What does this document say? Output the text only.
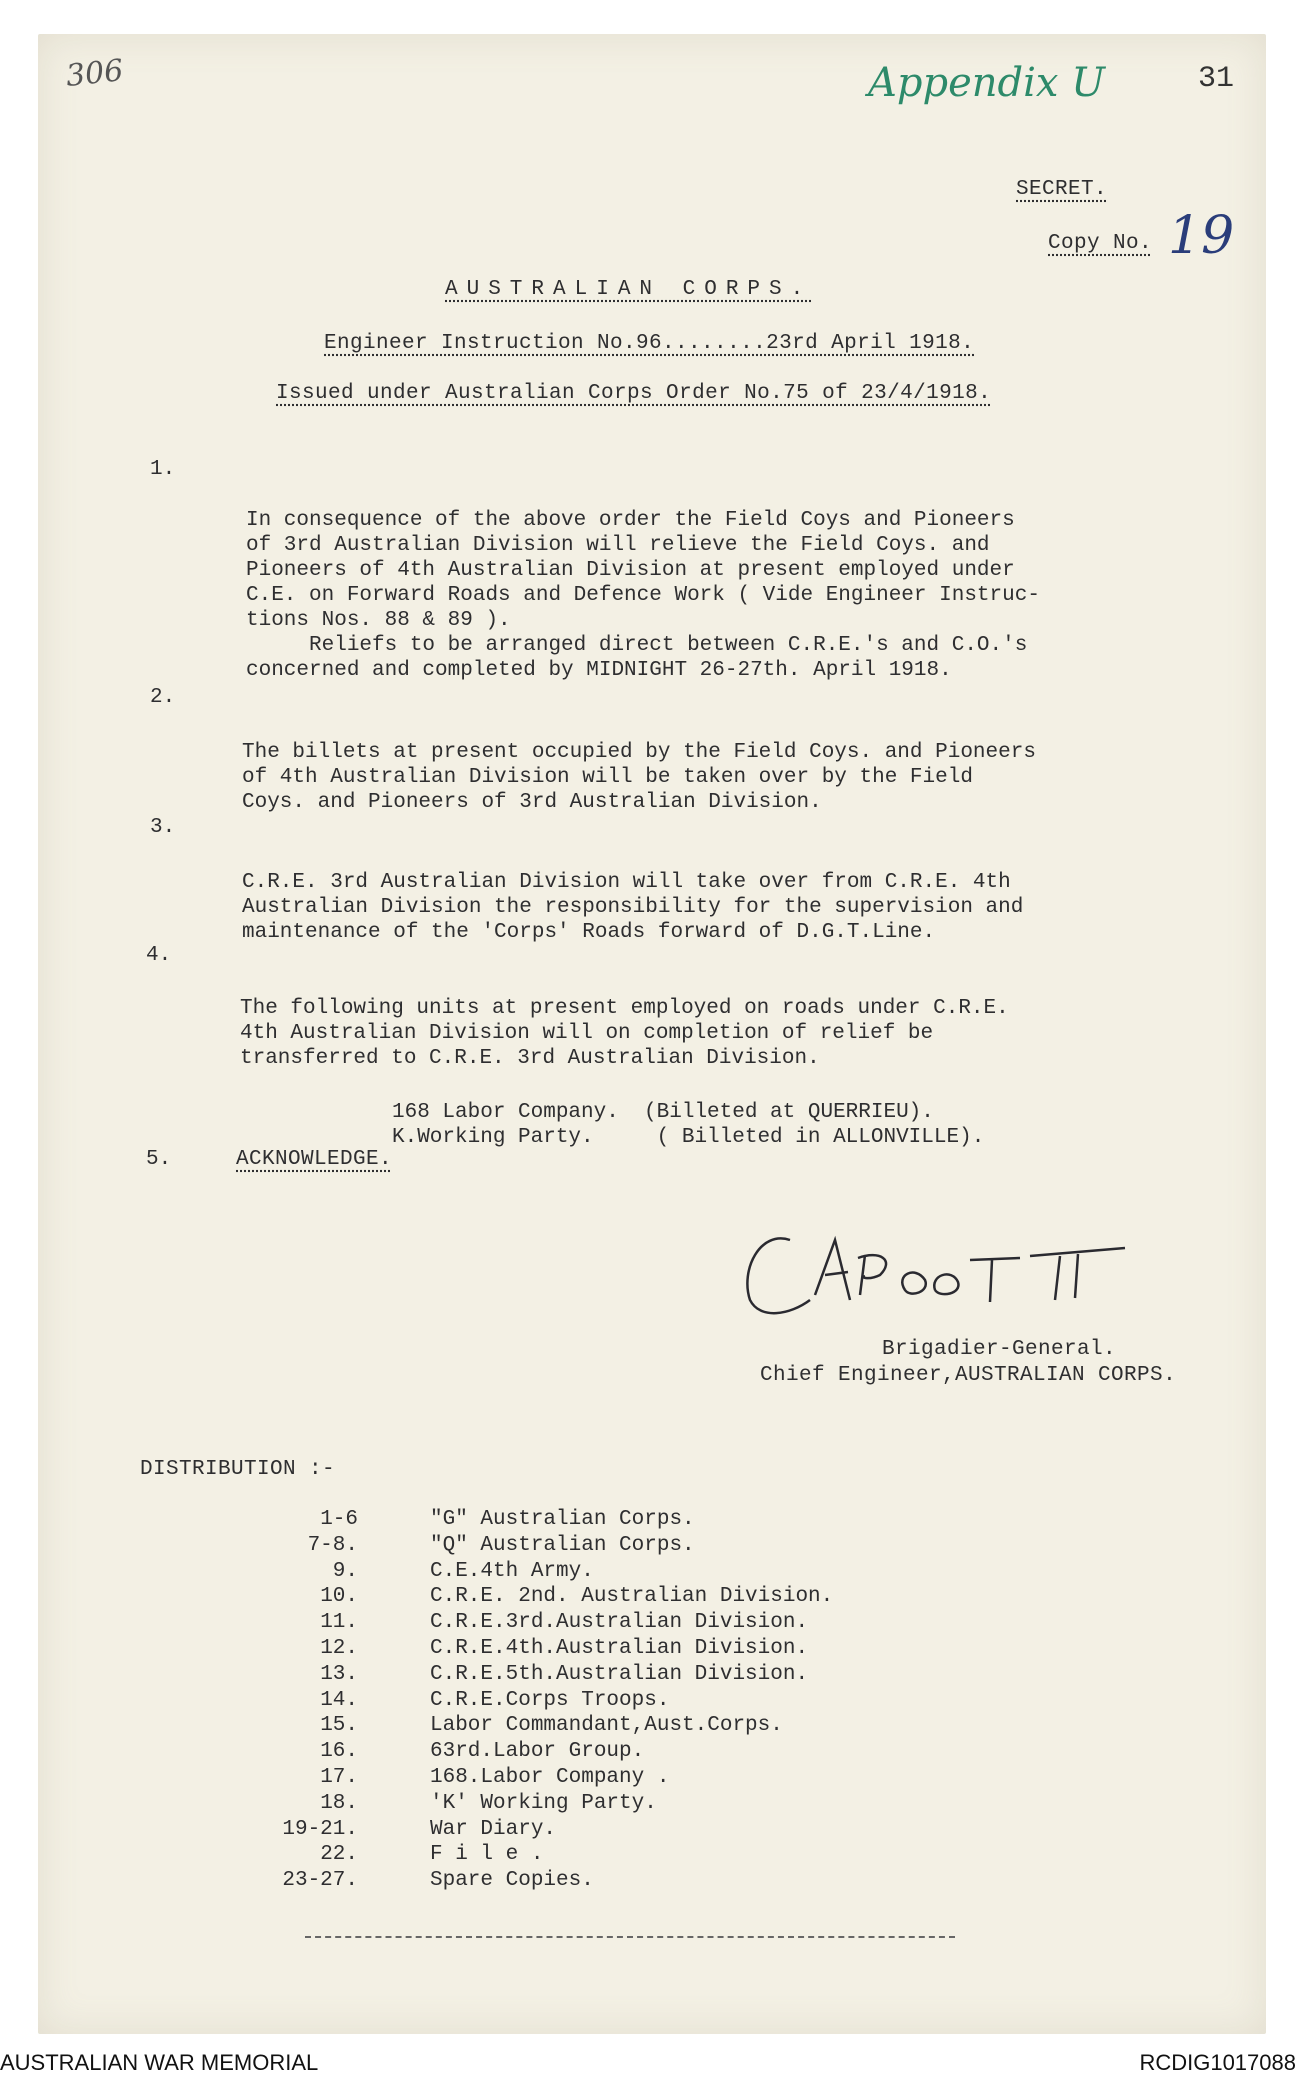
306	Appendix U	31
SECRET.
Copy No. 19
AUSTRALIAN CORPS.
Engineer Instruction No.96........23rd April 1918.
Issued under Australian Corps Order No.75 of 23/4/1918.
1.

In consequence of the above order the Field Coys and Pioneers
of 3rd Australian Division will relieve the Field Coys. and
Pioneers of 4th Australian Division at present employed under
C.E. on Forward Roads and Defence Work ( Vide Engineer Instruc-
tions Nos. 88 & 89 ).
Reliefs to be arranged direct between C.R.E.'s and C.O.'s
concerned and completed by MIDNIGHT 26-27th. April 1918.

2.

The billets at present occupied by the Field Coys. and Pioneers
of 4th Australian Division will be taken over by the Field
Coys. and Pioneers of 3rd Australian Division.

3.

C.R.E. 3rd Australian Division will take over from C.R.E. 4th
Australian Division the responsibility for the supervision and
maintenance of the 'Corps' Roads forward of D.G.T.Line.

4.

The following units at present employed on roads under C.R.E.
4th Australian Division will on completion of relief be
transferred to C.R.E. 3rd Australian Division.

168 Labor Company.  (Billeted at QUERRIEU).
K.Working Party.     ( Billeted in ALLONVILLE).

5.	ACKNOWLEDGE.
CHFoott
Brigadier-General.
Chief Engineer,AUSTRALIAN CORPS.
DISTRIBUTION :-
1-6	"G" Australian Corps.
7-8.	"Q" Australian Corps.
9.	C.E.4th Army.
10.	C.R.E. 2nd. Australian Division.
11.	C.R.E.3rd.Australian Division.
12.	C.R.E.4th.Australian Division.
13.	C.R.E.5th.Australian Division.
14.	C.R.E.Corps Troops.
15.	Labor Commandant,Aust.Corps.
16.	63rd.Labor Group.
17.	168.Labor Company .
18.	'K' Working Party.
19-21.	War Diary.
22.	F i l e .
23-27.	Spare Copies.
AUSTRALIAN WAR MEMORIAL	RCDIG1017088
